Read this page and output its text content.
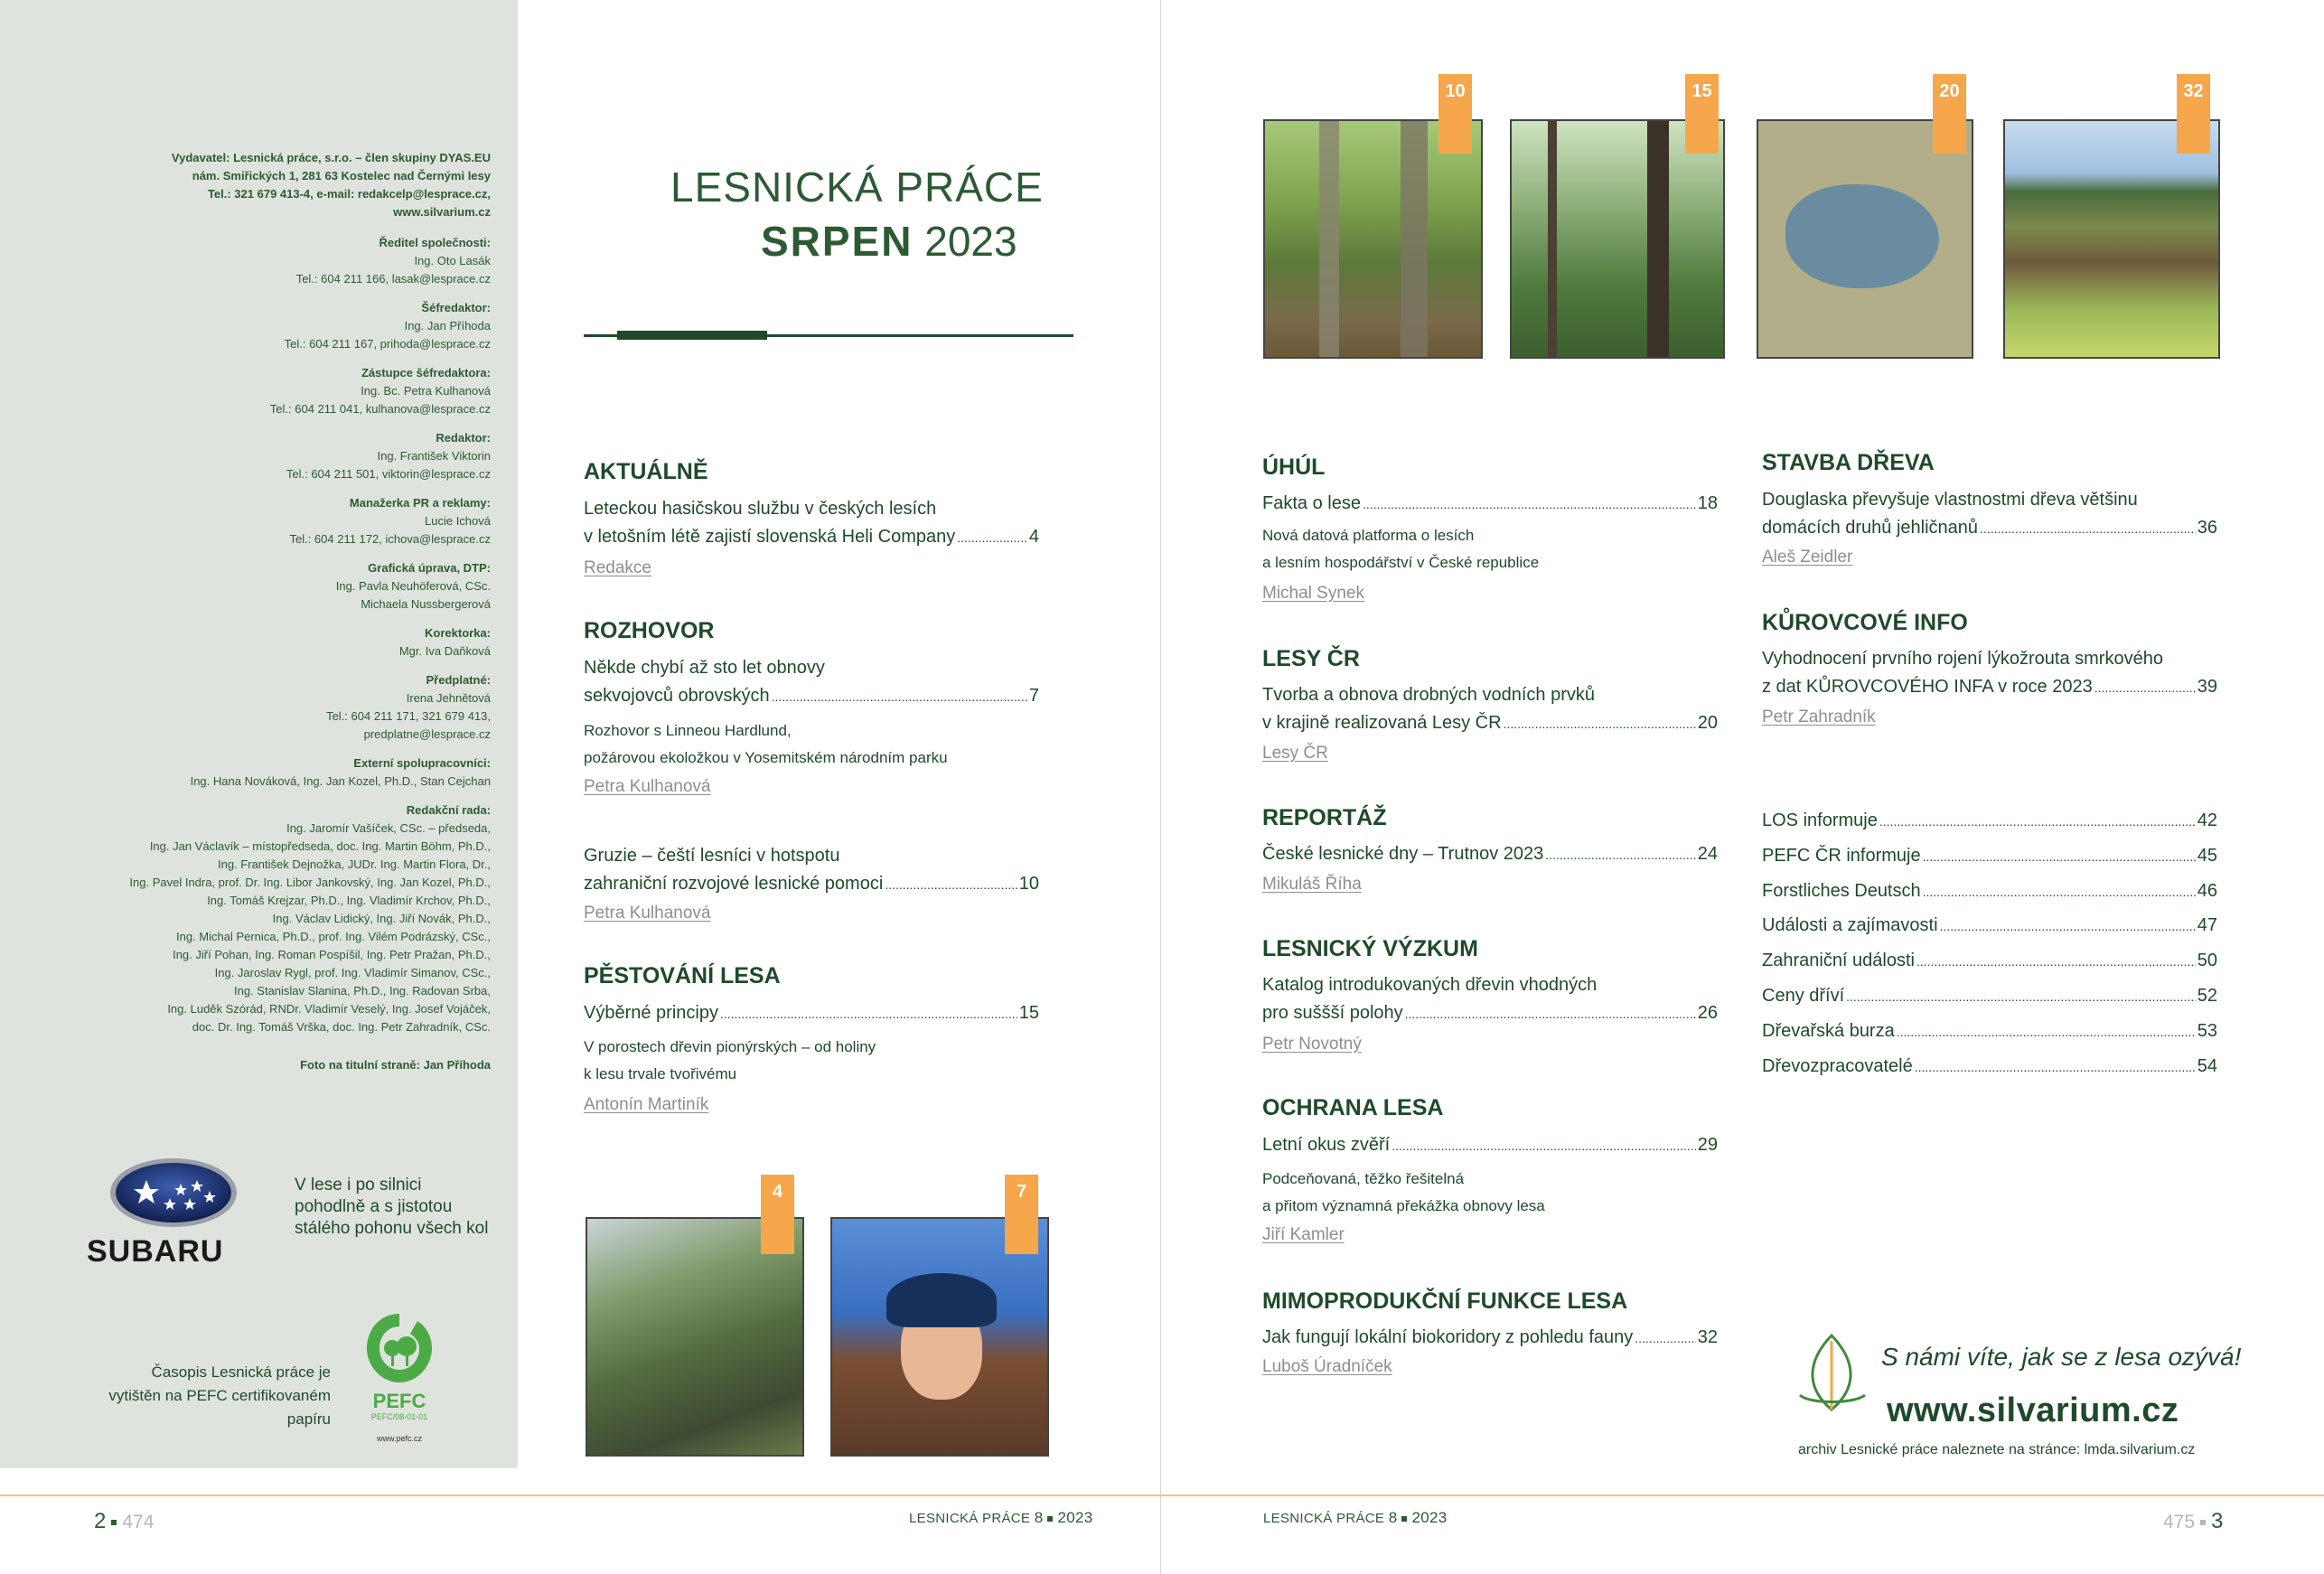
Vydavatel: Lesnická práce, s.r.o. – člen skupiny DYAS.EU
nám. Smiřických 1, 281 63 Kostelec nad Černými lesy
Tel.: 321 679 413-4, e-mail: redakcelp@lesprace.cz,
www.silvarium.cz
Ředitel společnosti:
Ing. Oto Lasák
Tel.: 604 211 166, lasak@lesprace.cz
Šéfredaktor:
Ing. Jan Příhoda
Tel.: 604 211 167, prihoda@lesprace.cz
Zástupce šéfredaktora:
Ing. Bc. Petra Kulhanová
Tel.: 604 211 041, kulhanova@lesprace.cz
Redaktor:
Ing. František Viktorin
Tel.: 604 211 501, viktorin@lesprace.cz
Manažerka PR a reklamy:
Lucie Ichová
Tel.: 604 211 172, ichova@lesprace.cz
Grafická úprava, DTP:
Ing. Pavla Neuhöferová, CSc.
Michaela Nussbergerová
Korektorka:
Mgr. Iva Daňková
Předplatné:
Irena Jehnětová
Tel.: 604 211 171, 321 679 413,
predplatne@lesprace.cz
Externí spolupracovníci:
Ing. Hana Nováková, Ing. Jan Kozel, Ph.D., Stan Cejchan
Redakční rada:
Ing. Jaromír Vašíček, CSc. – předseda,
Ing. Jan Václavík – místopředseda, doc. Ing. Martin Böhm, Ph.D.,
Ing. František Dejnožka, JUDr. Ing. Martin Flora, Dr.,
Ing. Pavel Indra, prof. Dr. Ing. Libor Jankovský, Ing. Jan Kozel, Ph.D.,
Ing. Tomáš Krejzar, Ph.D., Ing. Vladimír Krchov, Ph.D.,
Ing. Václav Lidický, Ing. Jiří Novák, Ph.D.,
Ing. Michal Pernica, Ph.D., prof. Ing. Vilém Podrázský, CSc.,
Ing. Jiří Pohan, Ing. Roman Pospíšil, Ing. Petr Pražan, Ph.D.,
Ing. Jaroslav Rygl, prof. Ing. Vladimír Simanov, CSc.,
Ing. Stanislav Slanina, Ph.D., Ing. Radovan Srba,
Ing. Luděk Szórád, RNDr. Vladimír Veselý, Ing. Josef Vojáček,
doc. Dr. Ing. Tomáš Vrška, doc. Ing. Petr Zahradník, CSc.
Foto na titulní straně: Jan Příhoda
SUBARU
V lese i po silnici
pohodlně a s jistotou
stálého pohonu všech kol
Časopis Lesnická práce je
vytištěn na PEFC certifikovaném
papíru
PEFC
PEFC/08-01-01
www.pefc.cz
LESNICKÁ PRÁCE
SRPEN 2023
AKTUÁLNĚ
Leteckou hasičskou službu v českých lesích
v letošním létě zajistí slovenská Heli Company .....	4
Redakce
ROZHOVOR
Někde chybí až sto let obnovy
sekvojovců obrovských .....	7
Rozhovor s Linneou Hardlund,
požárovou ekoložkou v Yosemitském národním parku
Petra Kulhanová
Gruzie – čeští lesníci v hotspotu
zahraniční rozvojové lesnické pomoci .....	10
Petra Kulhanová
PĚSTOVÁNÍ LESA
Výběrné principy .....	15
V porostech dřevin pionýrských – od holiny
k lesu trvale tvořivému
Antonín Martiník
ÚHÚL
Fakta o lese .....	18
Nová datová platforma o lesích
a lesním hospodářství v České republice
Michal Synek
LESY ČR
Tvorba a obnova drobných vodních prvků
v krajině realizovaná Lesy ČR .....	20
Lesy ČR
REPORTÁŽ
České lesnické dny – Trutnov 2023 .....	24
Mikuláš Říha
LESNICKÝ VÝZKUM
Katalog introdukovaných dřevin vhodných
pro suššší polohy .....	26
Petr Novotný
OCHRANA LESA
Letní okus zvěří .....	29
Podceňovaná, těžko řešitelná
a přitom významná překážka obnovy lesa
Jiří Kamler
MIMOPRODUKČNÍ FUNKCE LESA
Jak fungují lokální biokoridory z pohledu fauny .....	32
Luboš Úradníček
STAVBA DŘEVA
Douglaska převyšuje vlastnostmi dřeva většinu
domácích druhů jehličnanů .....	36
Aleš Zeidler
KŮROVCOVÉ INFO
Vyhodnocení prvního rojení lýkožrouta smrkového
z dat KŮROVCOVÉHO INFA v roce 2023 .....	39
Petr Zahradník
LOS informuje .....	42
PEFC ČR informuje .....	45
Forstliches Deutsch .....	46
Události a zajímavosti .....	47
Zahraniční události .....	50
Ceny dříví .....	52
Dřevařská burza .....	53
Dřevozpracovatelé .....	54
10	15	20	32
4	7
S námi víte, jak se z lesa ozývá!
www.silvarium.cz
archiv Lesnické práce naleznete na stránce: lmda.silvarium.cz
2 474	LESNICKÁ PRÁCE 8 2023	LESNICKÁ PRÁCE 8 2023	475 3
